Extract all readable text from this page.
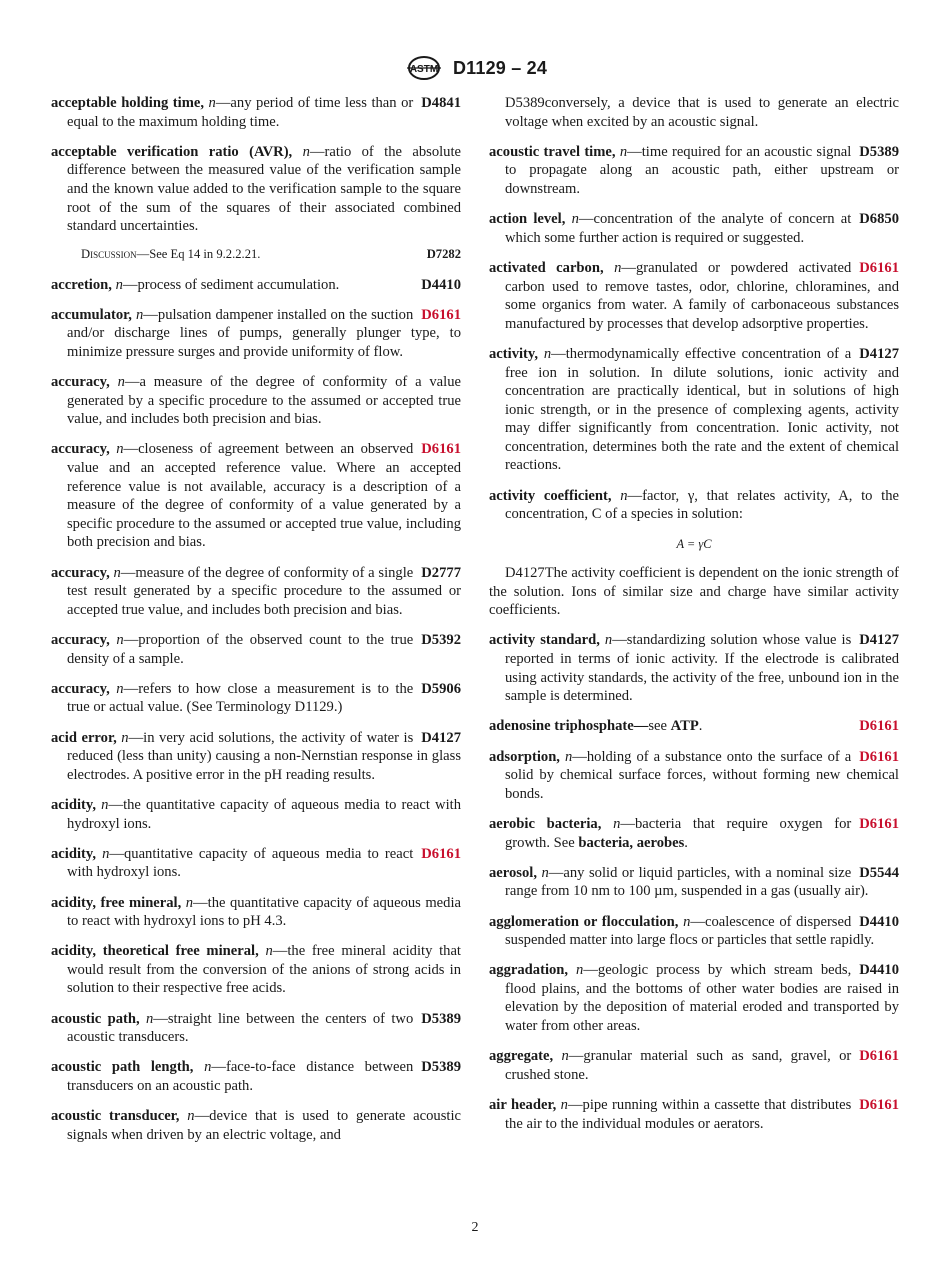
ASTM D1129 – 24

D4841
acceptable holding time, n—any period of time less than or equal to the maximum holding time.

acceptable verification ratio (AVR), n—ratio of the absolute difference between the measured value of the verification sample and the known value added to the verification sample to the square root of the sum of the squares of their associated combined standard uncertainties.

D7282
Discussion—See Eq 14 in 9.2.2.21.

D4410
accretion, n—process of sediment accumulation.

D6161
accumulator, n—pulsation dampener installed on the suction and/or discharge lines of pumps, generally plunger type, to minimize pressure surges and provide uniformity of flow.

accuracy, n—a measure of the degree of conformity of a value generated by a specific procedure to the assumed or accepted true value, and includes both precision and bias.

D6161
accuracy, n—closeness of agreement between an observed value and an accepted reference value. Where an accepted reference value is not available, accuracy is a description of a measure of the degree of conformity of a value generated by a specific procedure to the assumed or accepted true value, including both precision and bias.

D2777
accuracy, n—measure of the degree of conformity of a single test result generated by a specific procedure to the assumed or accepted true value, and includes both precision and bias.

D5392
accuracy, n—proportion of the observed count to the true density of a sample.

D5906
accuracy, n—refers to how close a measurement is to the true or actual value. (See Terminology D1129.)

D4127
acid error, n—in very acid solutions, the activity of water is reduced (less than unity) causing a non-Nernstian response in glass electrodes. A positive error in the pH reading results.

acidity, n—the quantitative capacity of aqueous media to react with hydroxyl ions.

D6161
acidity, n—quantitative capacity of aqueous media to react with hydroxyl ions.

acidity, free mineral, n—the quantitative capacity of aqueous media to react with hydroxyl ions to pH 4.3.

acidity, theoretical free mineral, n—the free mineral acidity that would result from the conversion of the anions of strong acids in solution to their respective free acids.

D5389
acoustic path, n—straight line between the centers of two acoustic transducers.

D5389
acoustic path length, n—face-to-face distance between transducers on an acoustic path.

acoustic transducer, n—device that is used to generate acoustic signals when driven by an electric voltage, and

D5389conversely, a device that is used to generate an electric voltage when excited by an acoustic signal.

D5389
acoustic travel time, n—time required for an acoustic signal to propagate along an acoustic path, either upstream or downstream.

D6850
action level, n—concentration of the analyte of concern at which some further action is required or suggested.

D6161
activated carbon, n—granulated or powdered activated carbon used to remove tastes, odor, chlorine, chloramines, and some organics from water. A family of carbonaceous substances manufactured by processes that develop adsorptive properties.

D4127
activity, n—thermodynamically effective concentration of a free ion in solution. In dilute solutions, ionic activity and concentration are practically identical, but in solutions of high ionic strength, or in the presence of complexing agents, activity may differ significantly from concentration. Ionic activity, not concentration, determines both the rate and the extent of chemical reactions.

activity coefficient, n—factor, γ, that relates activity, A, to the concentration, C of a species in solution:

A = γC

D4127The activity coefficient is dependent on the ionic strength of the solution. Ions of similar size and charge have similar activity coefficients.

D4127
activity standard, n—standardizing solution whose value is reported in terms of ionic activity. If the electrode is calibrated using activity standards, the activity of the free, unbound ion in the sample is determined.

D6161
adenosine triphosphate—see ATP.

D6161
adsorption, n—holding of a substance onto the surface of a solid by chemical surface forces, without forming new chemical bonds.

D6161
aerobic bacteria, n—bacteria that require oxygen for growth. See bacteria, aerobes.

D5544
aerosol, n—any solid or liquid particles, with a nominal size range from 10 nm to 100 µm, suspended in a gas (usually air).

D4410
agglomeration or flocculation, n—coalescence of dispersed suspended matter into large flocs or particles that settle rapidly.

D4410
aggradation, n—geologic process by which stream beds, flood plains, and the bottoms of other water bodies are raised in elevation by the deposition of material eroded and transported by water from other areas.

D6161
aggregate, n—granular material such as sand, gravel, or crushed stone.

D6161
air header, n—pipe running within a cassette that distributes the air to the individual modules or aerators.

2
